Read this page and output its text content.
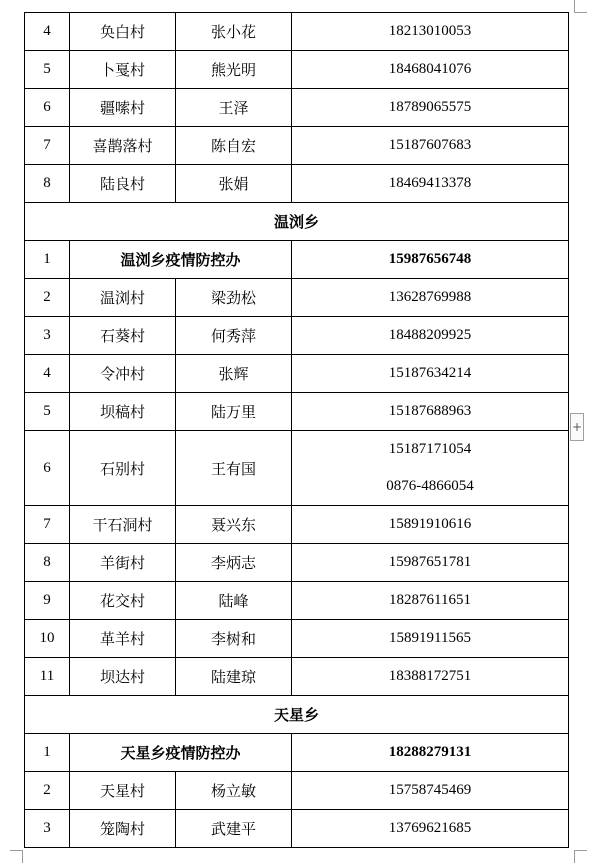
4	奂白村	张小花	18213010053

5	卜戛村	熊光明	18468041076

6	疆嗦村	王泽	18789065575

7	喜鹊落村	陈自宏	15187607683

8	陆良村	张娟	18469413378

温浏乡			
1	温浏乡疫情防控办		15987656748

2	温浏村	梁劲松	13628769988

3	石葵村	何秀萍	18488209925

4	令冲村	张辉	15187634214

5	坝稿村	陆万里	15187688963

6	石别村	王有国	15187171054
0876-4866054

7	干石洞村	聂兴东	15891910616

8	羊街村	李炳志	15987651781

9	花交村	陆峰	18287611651

10	革羊村	李树和	15891911565

11	坝达村	陆建琼	18388172751

天星乡			
1	天星乡疫情防控办		18288279131

2	天星村	杨立敏	15758745469

3	笼陶村	武建平	13769621685
+
